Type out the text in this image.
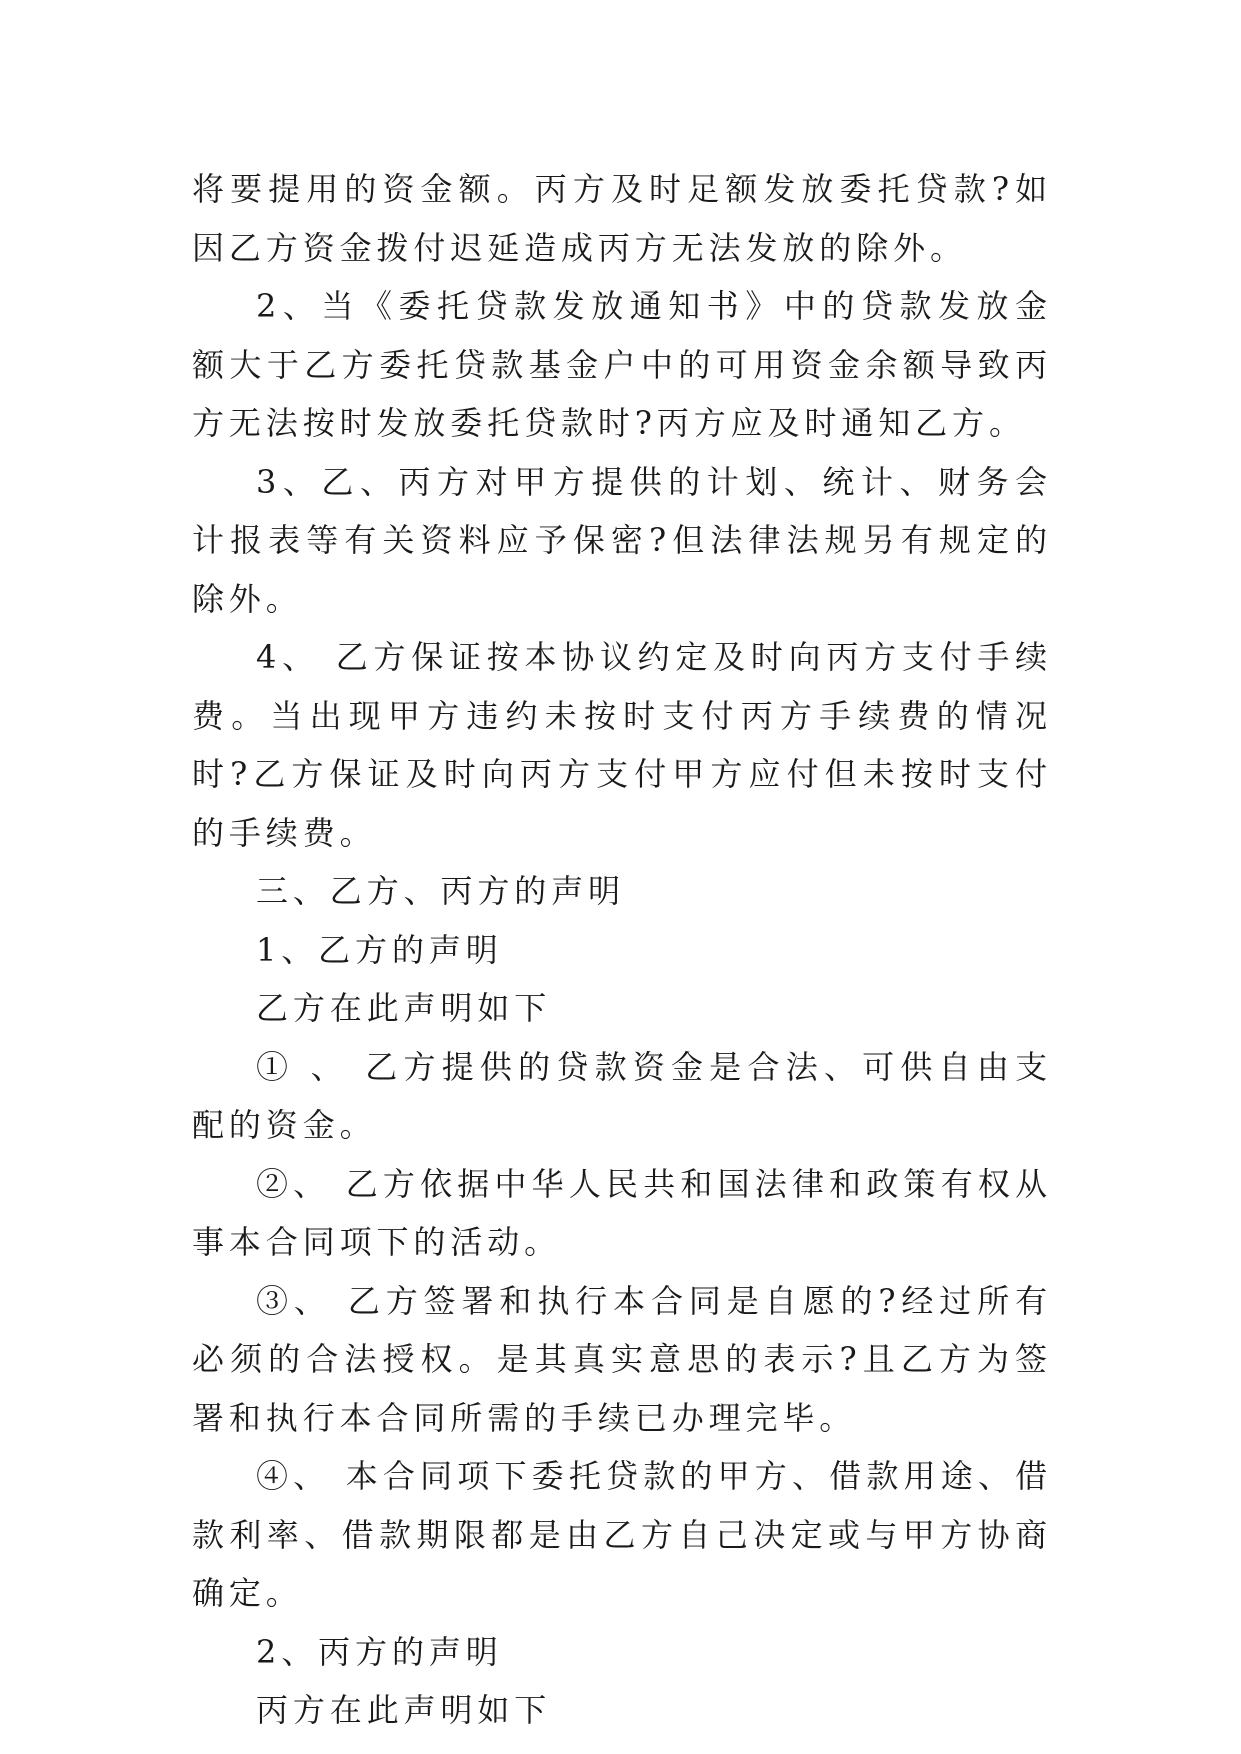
将要提用的资金额。丙方及时足额发放委托贷款?如因乙方资金拨付迟延造成丙方无法发放的除外。

2、当《委托贷款发放通知书》中的贷款发放金额大于乙方委托贷款基金户中的可用资金余额导致丙方无法按时发放委托贷款时?丙方应及时通知乙方。

3、乙、丙方对甲方提供的计划、统计、财务会计报表等有关资料应予保密?但法律法规另有规定的除外。

4、 乙方保证按本协议约定及时向丙方支付手续费。当出现甲方违约未按时支付丙方手续费的情况时?乙方保证及时向丙方支付甲方应付但未按时支付的手续费。

三、乙方、丙方的声明

1、乙方的声明

乙方在此声明如下

① 、 乙方提供的贷款资金是合法、可供自由支配的资金。

②、 乙方依据中华人民共和国法律和政策有权从事本合同项下的活动。

③、 乙方签署和执行本合同是自愿的?经过所有必须的合法授权。是其真实意思的表示?且乙方为签署和执行本合同所需的手续已办理完毕。

④、 本合同项下委托贷款的甲方、借款用途、借款利率、借款期限都是由乙方自己决定或与甲方协商确定。

2、丙方的声明

丙方在此声明如下
